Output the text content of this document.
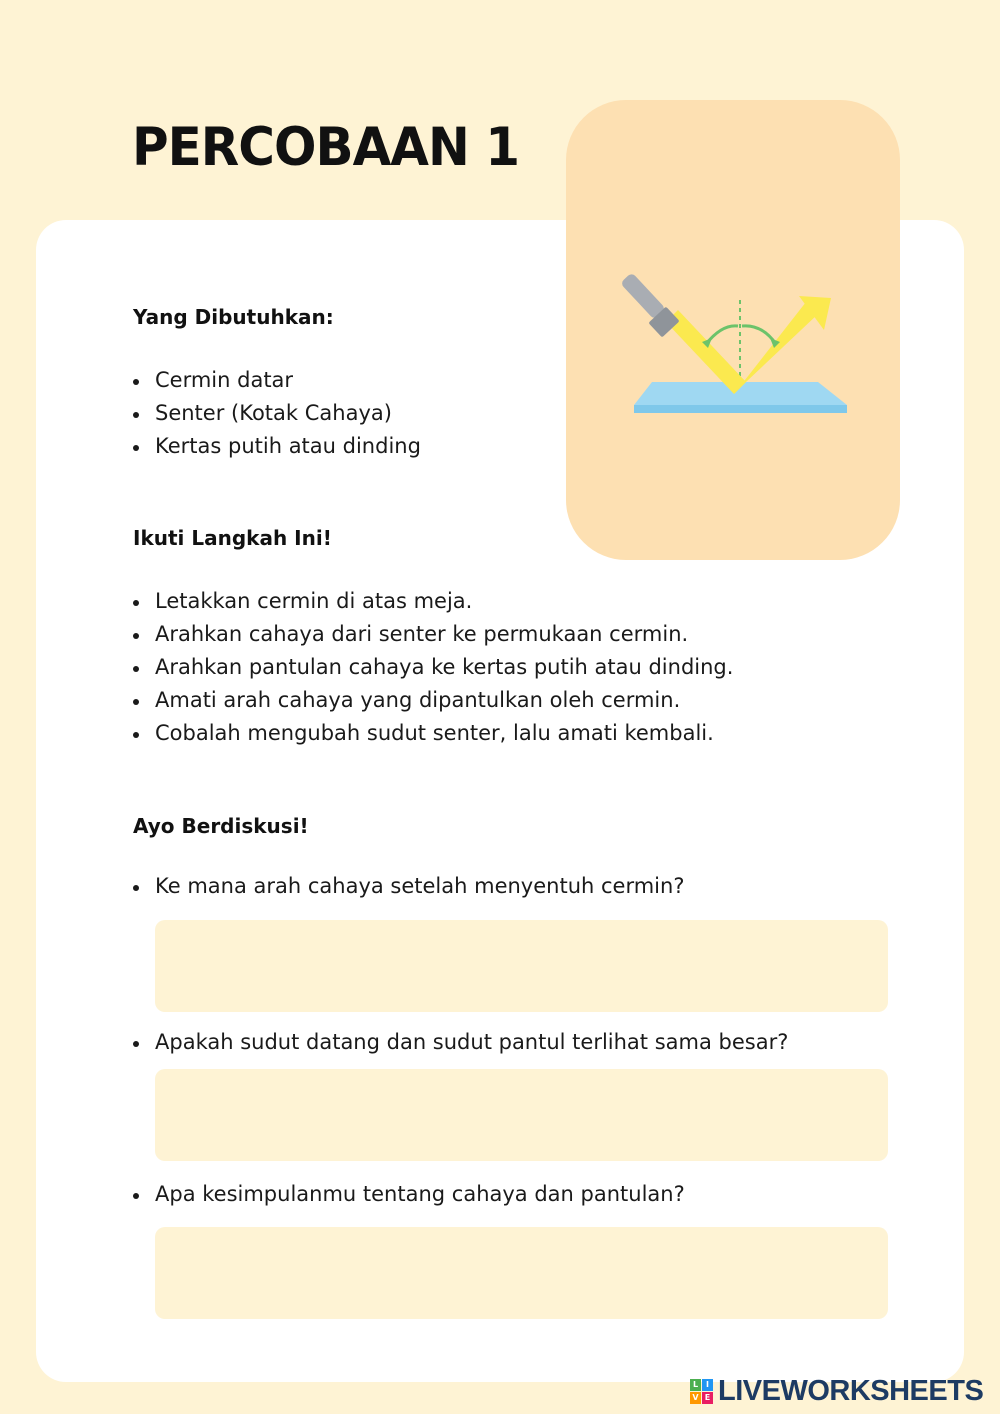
PERCOBAAN 1
Yang Dibutuhkan:
Cermin datar
Senter (Kotak Cahaya)
Kertas putih atau dinding
Ikuti Langkah Ini!
Letakkan cermin di atas meja.
Arahkan cahaya dari senter ke permukaan cermin.
Arahkan pantulan cahaya ke kertas putih atau dinding.
Amati arah cahaya yang dipantulkan oleh cermin.
Cobalah mengubah sudut senter, lalu amati kembali.
Ayo Berdiskusi!
Ke mana arah cahaya setelah menyentuh cermin?
Apakah sudut datang dan sudut pantul terlihat sama besar?
Apa kesimpulanmu tentang cahaya dan pantulan?
L I
V E LIVEWORKSHEETS
